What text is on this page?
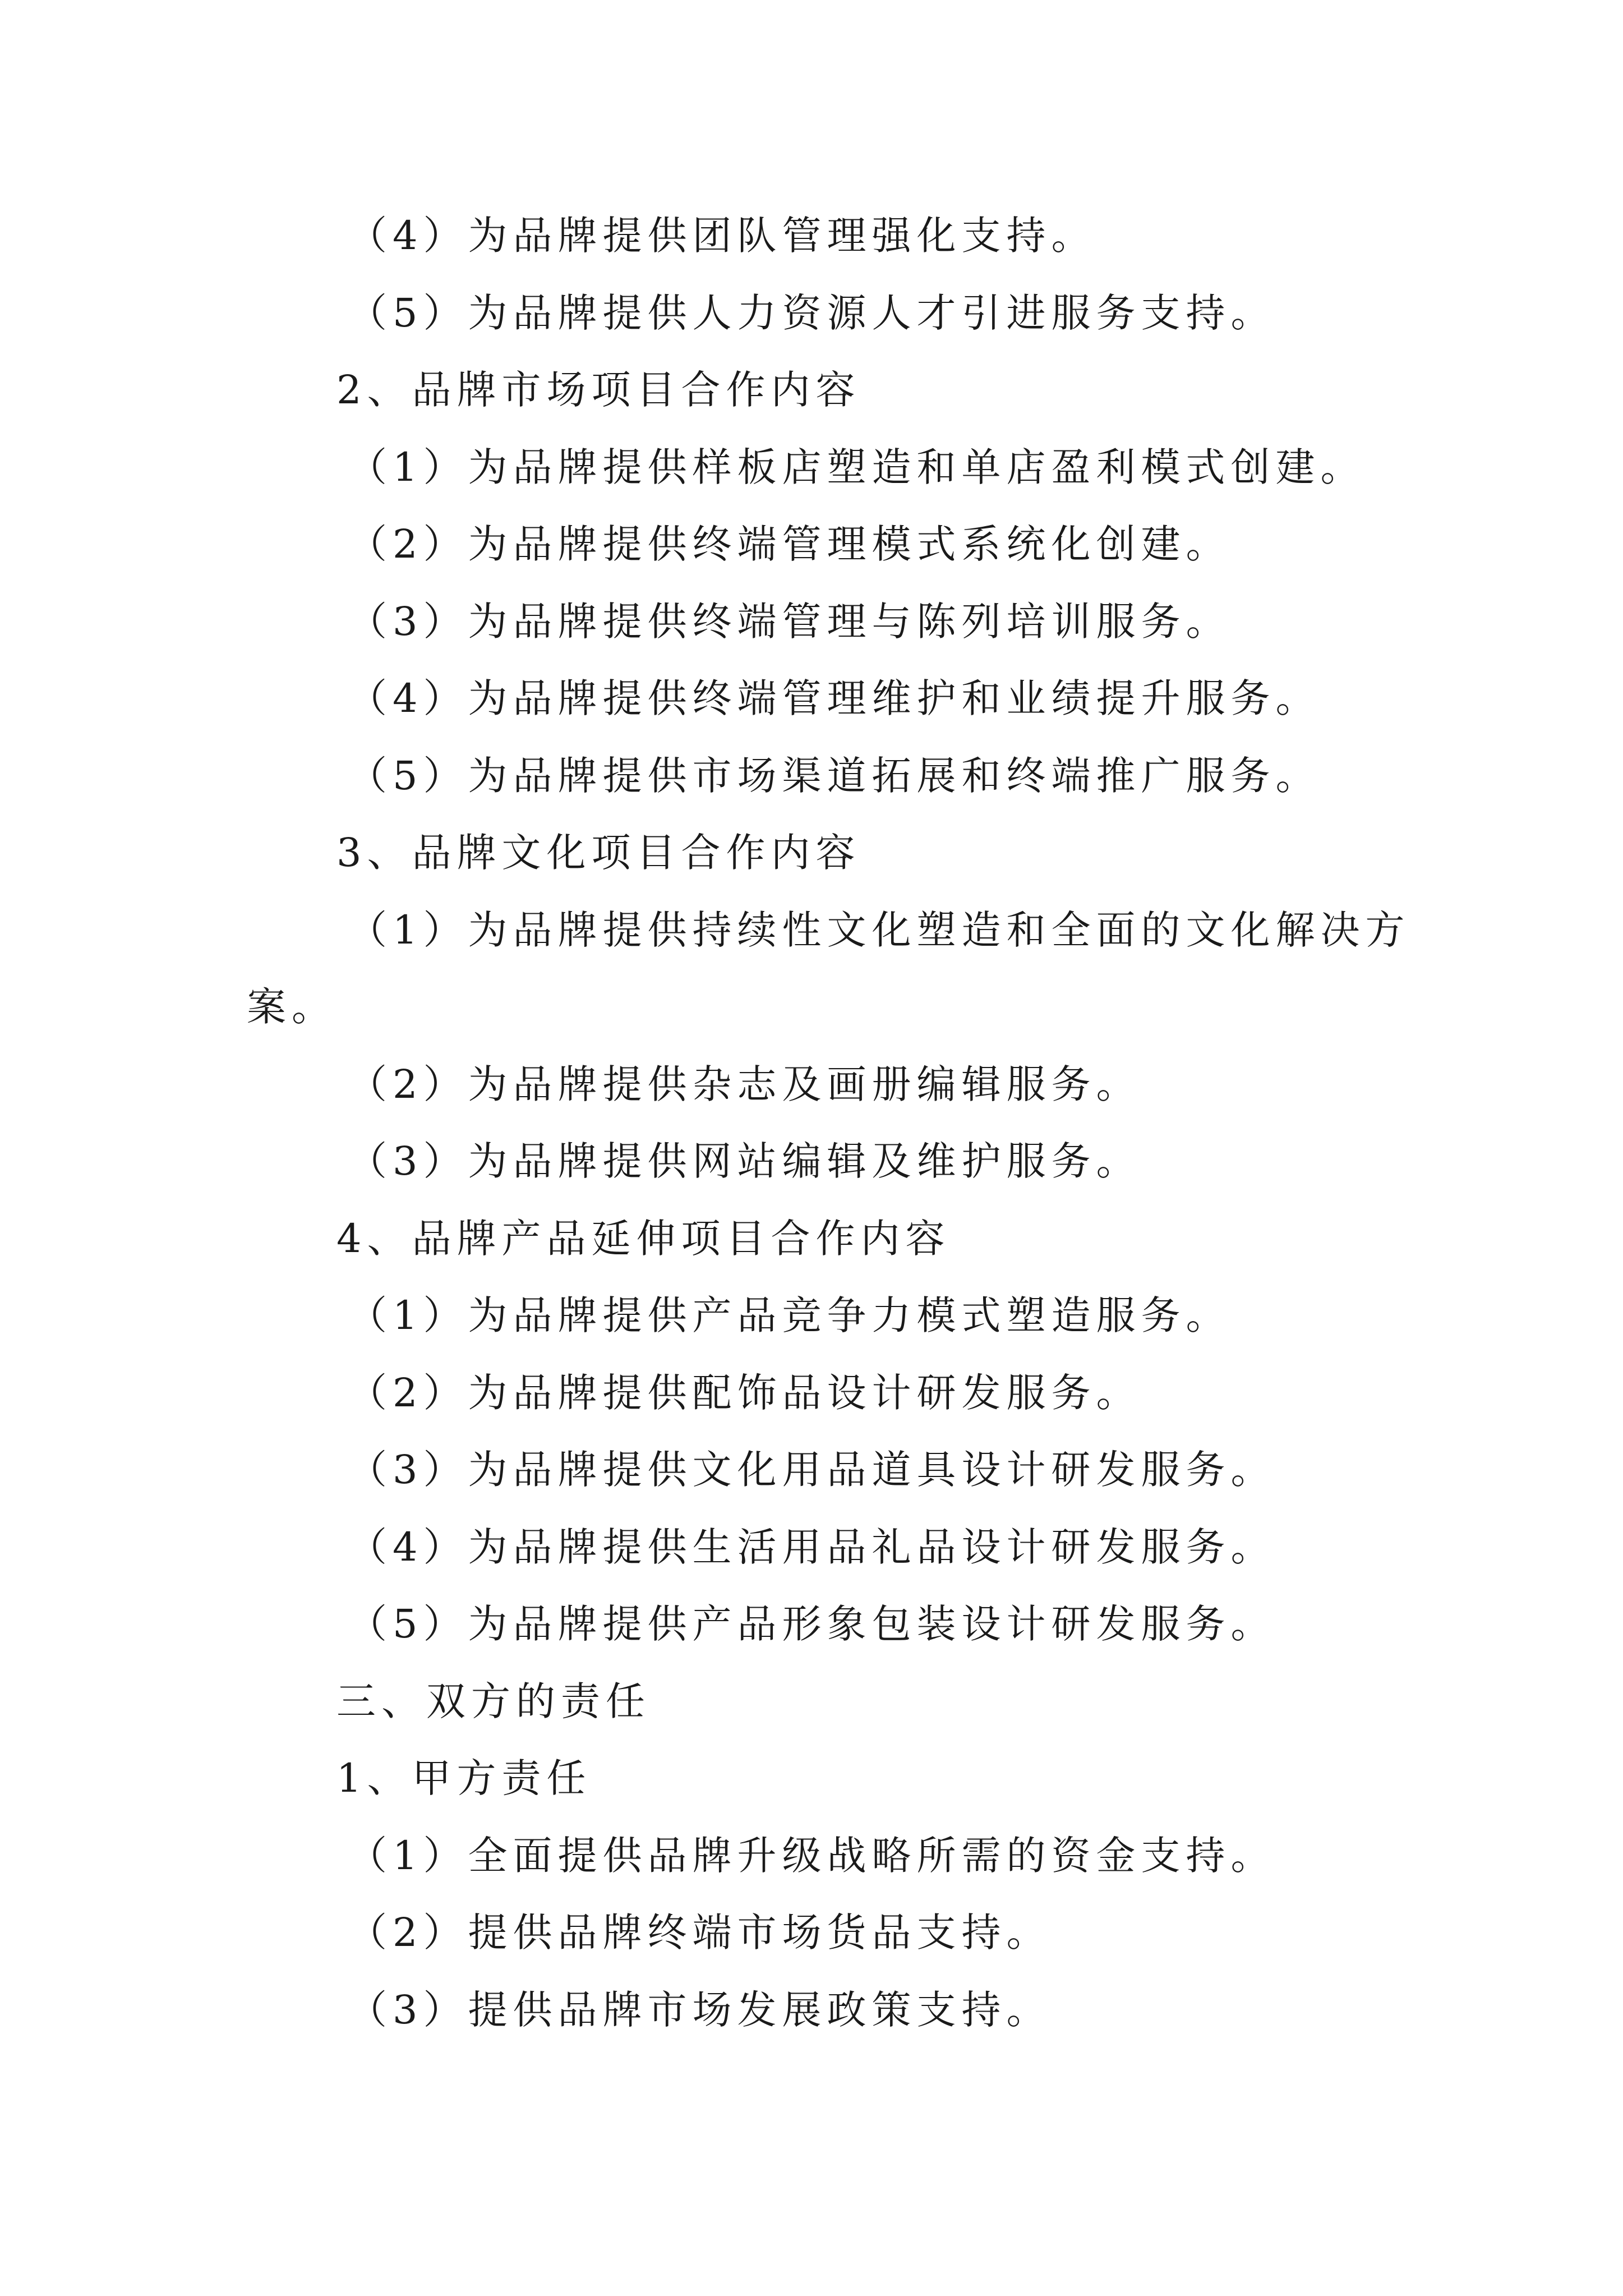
（4）为品牌提供团队管理强化支持。
（5）为品牌提供人力资源人才引进服务支持。
2、品牌市场项目合作内容
（1）为品牌提供样板店塑造和单店盈利模式创建。
（2）为品牌提供终端管理模式系统化创建。
（3）为品牌提供终端管理与陈列培训服务。
（4）为品牌提供终端管理维护和业绩提升服务。
（5）为品牌提供市场渠道拓展和终端推广服务。
3、品牌文化项目合作内容
（1）为品牌提供持续性文化塑造和全面的文化解决方
案。
（2）为品牌提供杂志及画册编辑服务。
（3）为品牌提供网站编辑及维护服务。
4、品牌产品延伸项目合作内容
（1）为品牌提供产品竞争力模式塑造服务。
（2）为品牌提供配饰品设计研发服务。
（3）为品牌提供文化用品道具设计研发服务。
（4）为品牌提供生活用品礼品设计研发服务。
（5）为品牌提供产品形象包装设计研发服务。
三、双方的责任
1、甲方责任
（1）全面提供品牌升级战略所需的资金支持。
（2）提供品牌终端市场货品支持。
（3）提供品牌市场发展政策支持。
